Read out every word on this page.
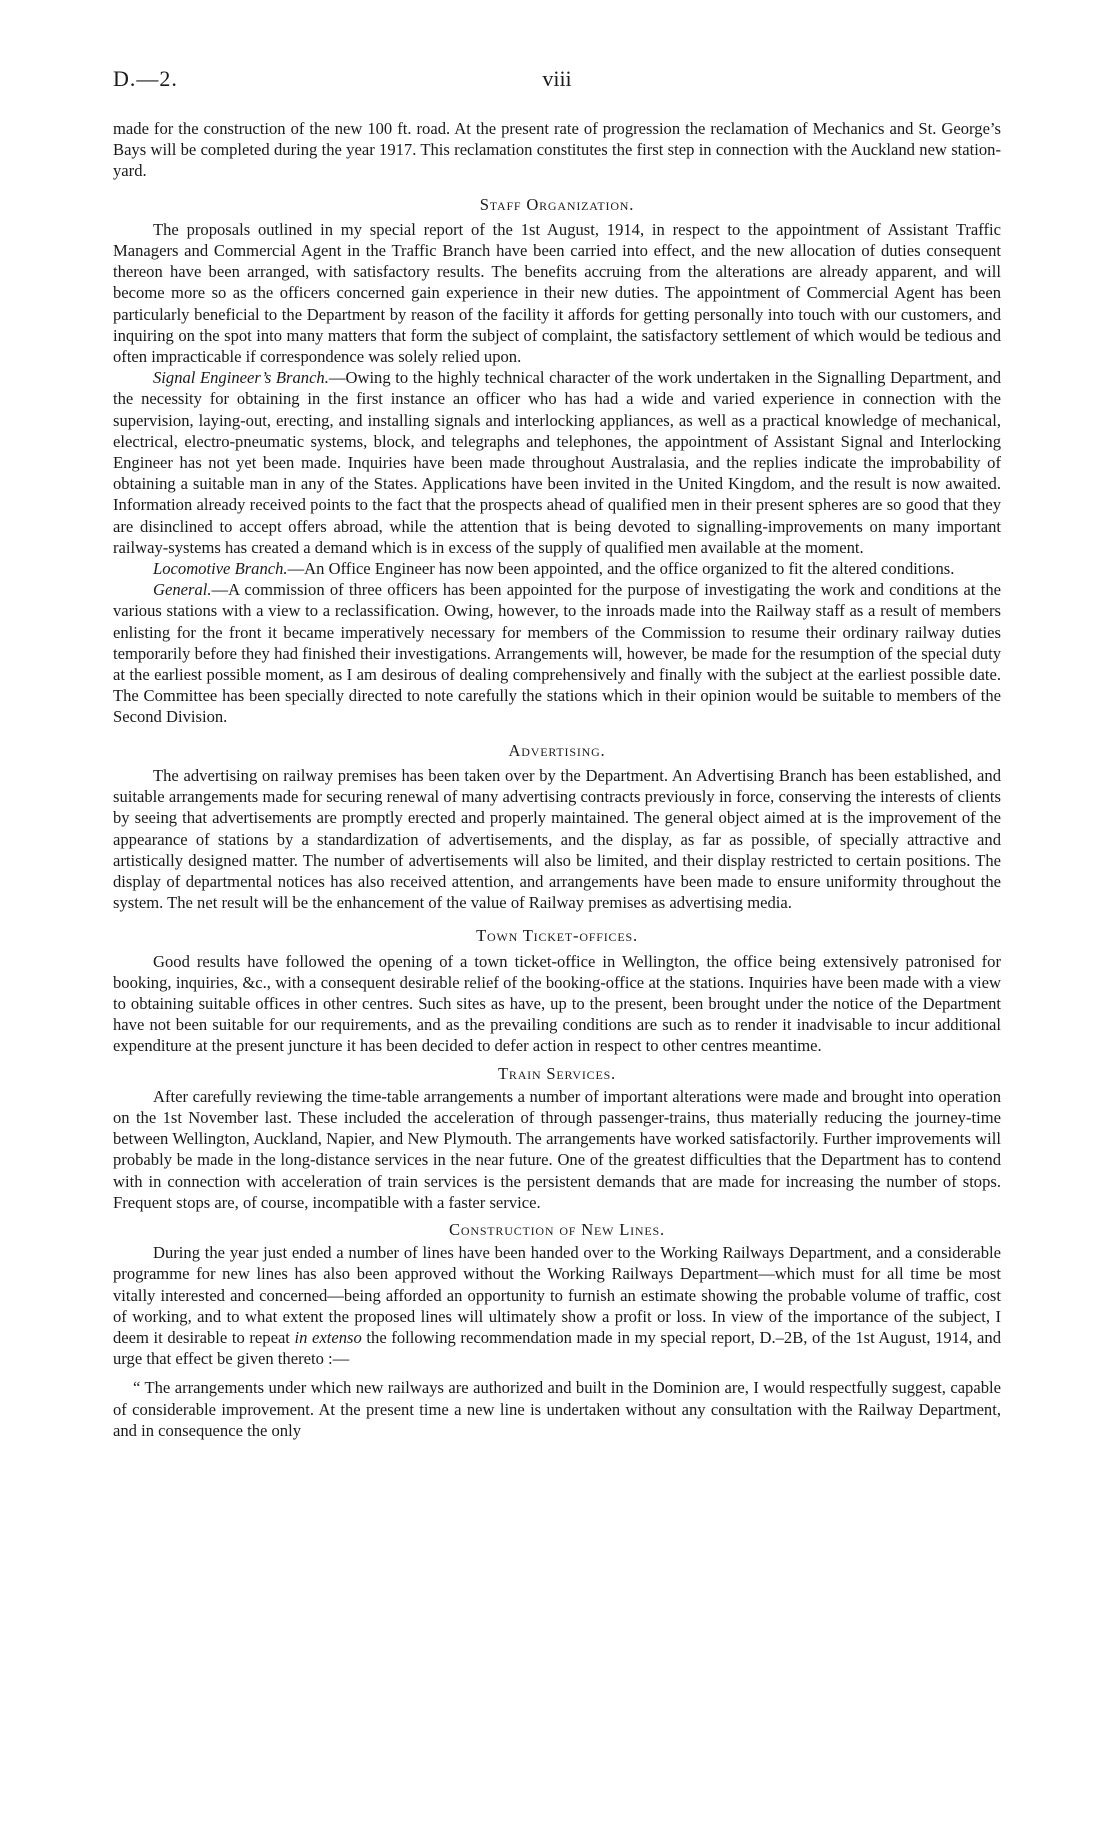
D.—2.	viii

made for the construction of the new 100 ft. road. At the present rate of progression the reclamation of Mechanics and St. George’s Bays will be completed during the year 1917. This reclamation constitutes the first step in connection with the Auckland new station-yard.

Staff Organization.

The proposals outlined in my special report of the 1st August, 1914, in respect to the appointment of Assistant Traffic Managers and Commercial Agent in the Traffic Branch have been carried into effect, and the new allocation of duties consequent thereon have been arranged, with satisfactory results. The benefits accruing from the alterations are already apparent, and will become more so as the officers concerned gain experience in their new duties. The appointment of Commercial Agent has been particularly beneficial to the Department by reason of the facility it affords for getting personally into touch with our customers, and inquiring on the spot into many matters that form the subject of complaint, the satisfactory settlement of which would be tedious and often impracticable if correspondence was solely relied upon.

Signal Engineer’s Branch.—Owing to the highly technical character of the work undertaken in the Signalling Department, and the necessity for obtaining in the first instance an officer who has had a wide and varied experience in connection with the supervision, laying-out, erecting, and installing signals and interlocking appliances, as well as a practical knowledge of mechanical, electrical, electro-pneumatic systems, block, and telegraphs and telephones, the appointment of Assistant Signal and Interlocking Engineer has not yet been made. Inquiries have been made throughout Australasia, and the replies indicate the improbability of obtaining a suitable man in any of the States. Applications have been invited in the United Kingdom, and the result is now awaited. Information already received points to the fact that the prospects ahead of qualified men in their present spheres are so good that they are disinclined to accept offers abroad, while the attention that is being devoted to signalling-improvements on many important railway-systems has created a demand which is in excess of the supply of qualified men available at the moment.

Locomotive Branch.—An Office Engineer has now been appointed, and the office organized to fit the altered conditions.

General.—A commission of three officers has been appointed for the purpose of investigating the work and conditions at the various stations with a view to a reclassification. Owing, however, to the inroads made into the Railway staff as a result of members enlisting for the front it became imperatively necessary for members of the Commission to resume their ordinary railway duties temporarily before they had finished their investigations. Arrangements will, however, be made for the resumption of the special duty at the earliest possible moment, as I am desirous of dealing comprehensively and finally with the subject at the earliest possible date. The Committee has been specially directed to note carefully the stations which in their opinion would be suitable to members of the Second Division.

Advertising.

The advertising on railway premises has been taken over by the Department. An Advertising Branch has been established, and suitable arrangements made for securing renewal of many advertising contracts previously in force, conserving the interests of clients by seeing that advertisements are promptly erected and properly maintained. The general object aimed at is the improvement of the appearance of stations by a standardization of advertisements, and the display, as far as possible, of specially attractive and artistically designed matter. The number of advertisements will also be limited, and their display restricted to certain positions. The display of departmental notices has also received attention, and arrangements have been made to ensure uniformity throughout the system. The net result will be the enhancement of the value of Railway premises as advertising media.

Town Ticket-offices.

Good results have followed the opening of a town ticket-office in Wellington, the office being extensively patronised for booking, inquiries, &c., with a consequent desirable relief of the booking-office at the stations. Inquiries have been made with a view to obtaining suitable offices in other centres. Such sites as have, up to the present, been brought under the notice of the Department have not been suitable for our requirements, and as the prevailing conditions are such as to render it inadvisable to incur additional expenditure at the present juncture it has been decided to defer action in respect to other centres meantime.

Train Services.

After carefully reviewing the time-table arrangements a number of important alterations were made and brought into operation on the 1st November last. These included the acceleration of through passenger-trains, thus materially reducing the journey-time between Wellington, Auckland, Napier, and New Plymouth. The arrangements have worked satisfactorily. Further improvements will probably be made in the long-distance services in the near future. One of the greatest difficulties that the Department has to contend with in connection with acceleration of train services is the persistent demands that are made for increasing the number of stops. Frequent stops are, of course, incompatible with a faster service.

Construction of New Lines.

During the year just ended a number of lines have been handed over to the Working Railways Department, and a considerable programme for new lines has also been approved without the Working Railways Department—which must for all time be most vitally interested and concerned—being afforded an opportunity to furnish an estimate showing the probable volume of traffic, cost of working, and to what extent the proposed lines will ultimately show a profit or loss. In view of the importance of the subject, I deem it desirable to repeat in extenso the following recommendation made in my special report, D.–2B, of the 1st August, 1914, and urge that effect be given thereto :—

“ The arrangements under which new railways are authorized and built in the Dominion are, I would respectfully suggest, capable of considerable improvement. At the present time a new line is undertaken without any consultation with the Railway Department, and in consequence the only
